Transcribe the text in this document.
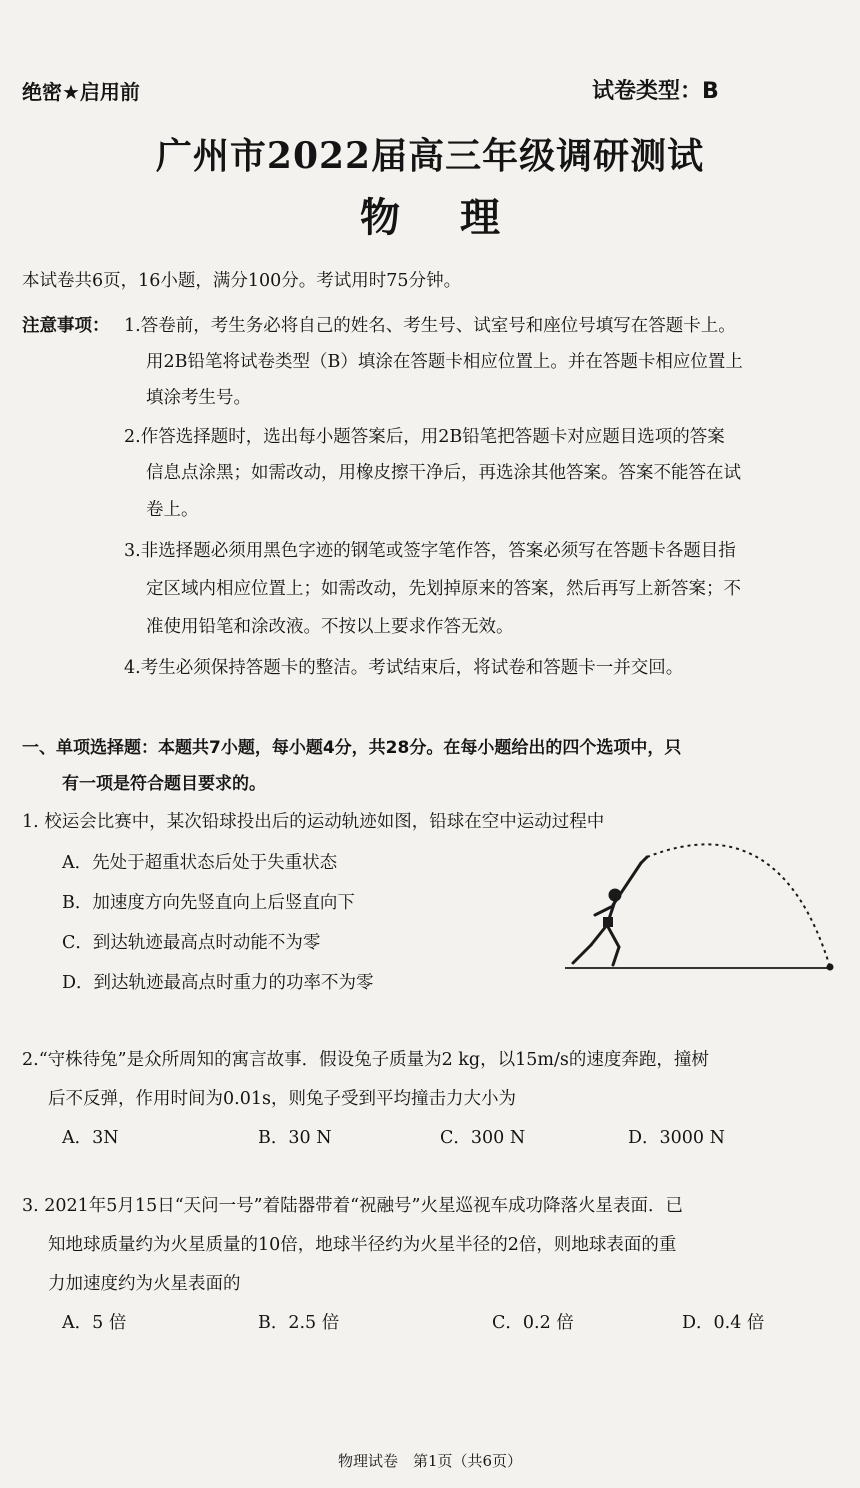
绝密★启用前	试卷类型：B
广州市2022届高三年级调研测试
物理
本试卷共6页，16小题，满分100分。考试用时75分钟。
注意事项： 1.答卷前，考生务必将自己的姓名、考生号、试室号和座位号填写在答题卡上。
用2B铅笔将试卷类型（B）填涂在答题卡相应位置上。并在答题卡相应位置上
填涂考生号。
2.作答选择题时，选出每小题答案后，用2B铅笔把答题卡对应题目选项的答案
信息点涂黑；如需改动，用橡皮擦干净后，再选涂其他答案。答案不能答在试
卷上。
3.非选择题必须用黑色字迹的钢笔或签字笔作答，答案必须写在答题卡各题目指
定区域内相应位置上；如需改动，先划掉原来的答案，然后再写上新答案；不
准使用铅笔和涂改液。不按以上要求作答无效。
4.考生必须保持答题卡的整洁。考试结束后，将试卷和答题卡一并交回。
一、单项选择题：本题共7小题，每小题4分，共28分。在每小题给出的四个选项中，只
有一项是符合题目要求的。
1. 校运会比赛中，某次铅球投出后的运动轨迹如图，铅球在空中运动过程中
A．先处于超重状态后处于失重状态
B．加速度方向先竖直向上后竖直向下
C．到达轨迹最高点时动能不为零
D．到达轨迹最高点时重力的功率不为零
2.“守株待兔”是众所周知的寓言故事．假设兔子质量为2 kg，以15m/s的速度奔跑，撞树
后不反弹，作用时间为0.01s，则兔子受到平均撞击力大小为
A．3N	B．30 N	C．300 N	D．3000 N
3. 2021年5月15日“天问一号”着陆器带着“祝融号”火星巡视车成功降落火星表面．已
知地球质量约为火星质量的10倍，地球半径约为火星半径的2倍，则地球表面的重
力加速度约为火星表面的
A．5 倍	B．2.5 倍	C．0.2 倍	D．0.4 倍
物理试卷　第1页（共6页）
